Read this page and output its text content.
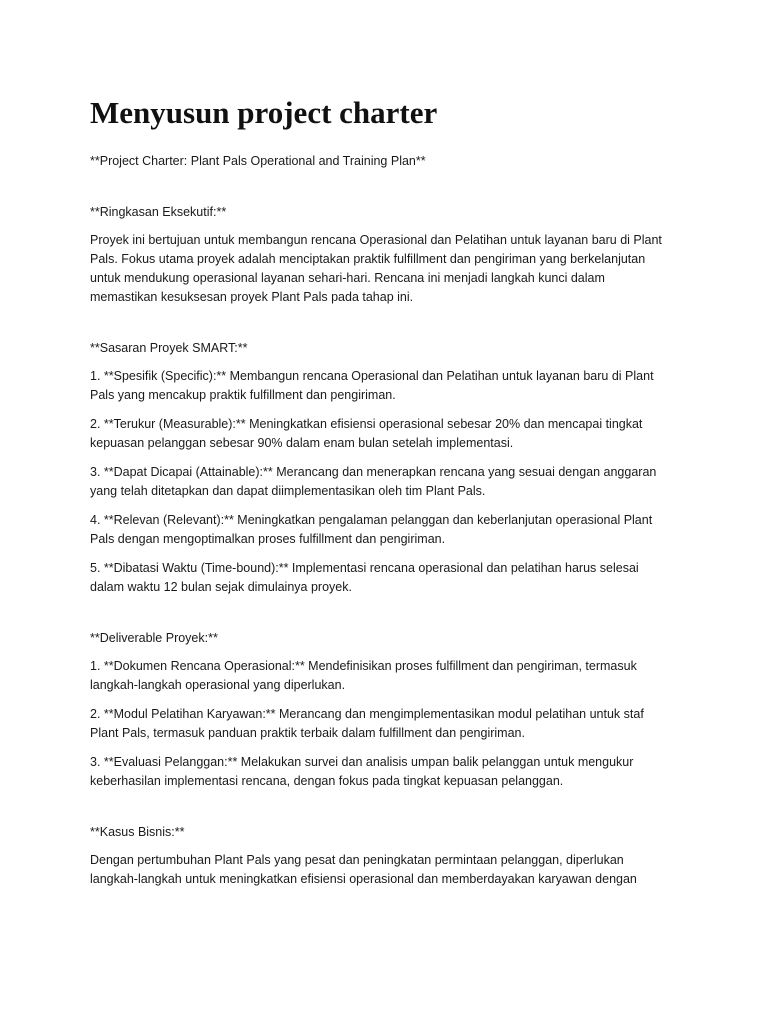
Menyusun project charter

**Project Charter: Plant Pals Operational and Training Plan**

**Ringkasan Eksekutif:**

Proyek ini bertujuan untuk membangun rencana Operasional dan Pelatihan untuk layanan baru di Plant Pals. Fokus utama proyek adalah menciptakan praktik fulfillment dan pengiriman yang berkelanjutan untuk mendukung operasional layanan sehari-hari. Rencana ini menjadi langkah kunci dalam memastikan kesuksesan proyek Plant Pals pada tahap ini.

**Sasaran Proyek SMART:**

1. **Spesifik (Specific):** Membangun rencana Operasional dan Pelatihan untuk layanan baru di Plant Pals yang mencakup praktik fulfillment dan pengiriman.

2. **Terukur (Measurable):** Meningkatkan efisiensi operasional sebesar 20% dan mencapai tingkat kepuasan pelanggan sebesar 90% dalam enam bulan setelah implementasi.

3. **Dapat Dicapai (Attainable):** Merancang dan menerapkan rencana yang sesuai dengan anggaran yang telah ditetapkan dan dapat diimplementasikan oleh tim Plant Pals.

4. **Relevan (Relevant):** Meningkatkan pengalaman pelanggan dan keberlanjutan operasional Plant Pals dengan mengoptimalkan proses fulfillment dan pengiriman.

5. **Dibatasi Waktu (Time-bound):** Implementasi rencana operasional dan pelatihan harus selesai dalam waktu 12 bulan sejak dimulainya proyek.

**Deliverable Proyek:**

1. **Dokumen Rencana Operasional:** Mendefinisikan proses fulfillment dan pengiriman, termasuk langkah-langkah operasional yang diperlukan.

2. **Modul Pelatihan Karyawan:** Merancang dan mengimplementasikan modul pelatihan untuk staf Plant Pals, termasuk panduan praktik terbaik dalam fulfillment dan pengiriman.

3. **Evaluasi Pelanggan:** Melakukan survei dan analisis umpan balik pelanggan untuk mengukur keberhasilan implementasi rencana, dengan fokus pada tingkat kepuasan pelanggan.

**Kasus Bisnis:**

Dengan pertumbuhan Plant Pals yang pesat dan peningkatan permintaan pelanggan, diperlukan langkah-langkah untuk meningkatkan efisiensi operasional dan memberdayakan karyawan dengan
